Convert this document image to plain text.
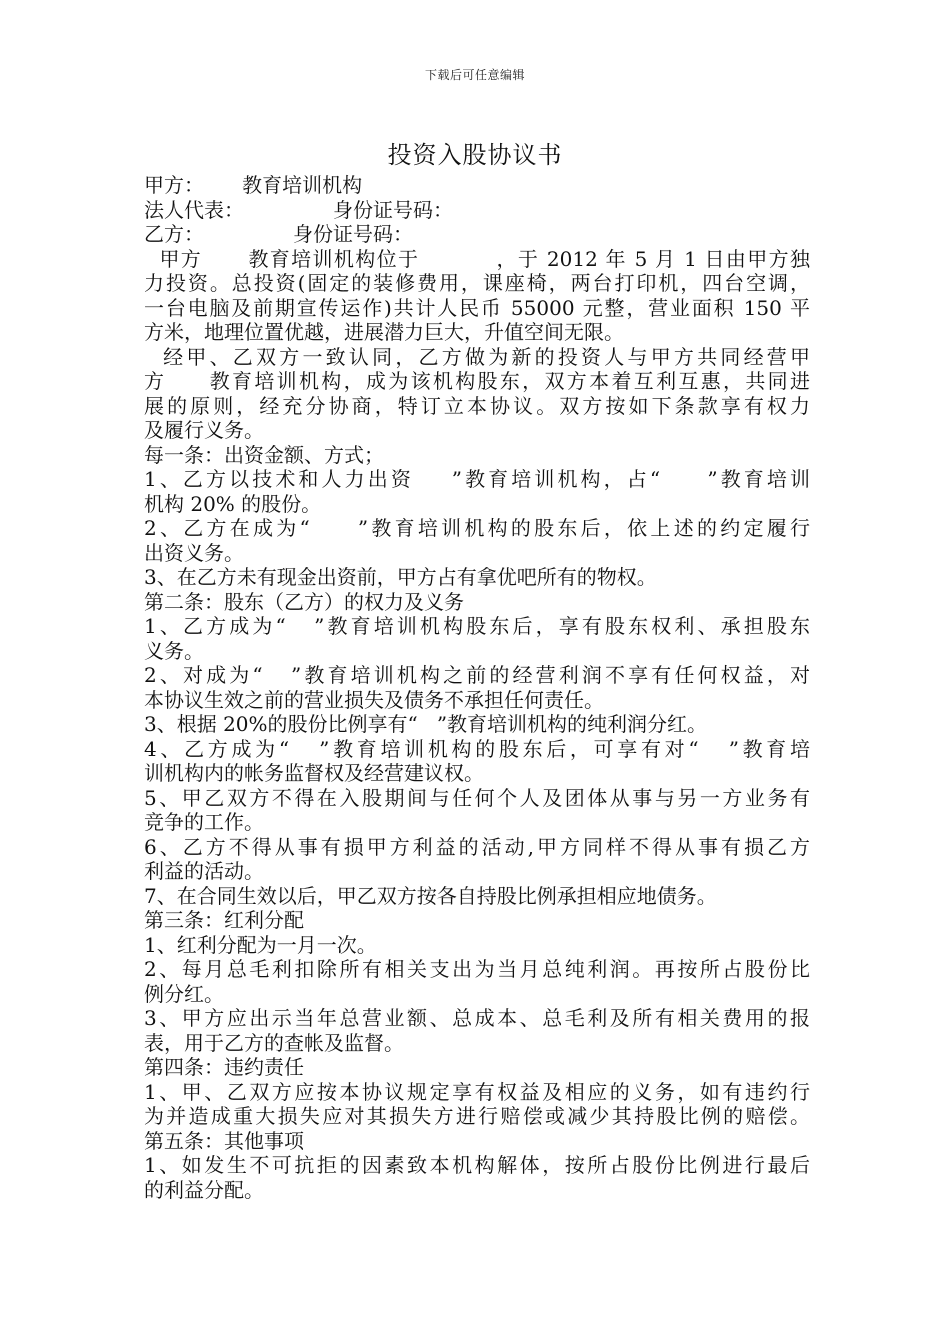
下载后可任意编辑
投资入股协议书
甲方：      教育培训机构
法人代表：              身份证号码：
乙方：              身份证号码：
甲方      教育培训机构位于          ，于 2012 年 5 月 1 日由甲方独
力投资。总投资(固定的装修费用，课座椅，两台打印机，四台空调，
一台电脑及前期宣传运作)共计人民币 55000 元整，营业面积 150 平
方米，地理位置优越，进展潜力巨大，升值空间无限。
经甲、乙双方一致认同，乙方做为新的投资人与甲方共同经营甲
方     教育培训机构，成为该机构股东，双方本着互利互惠，共同进
展的原则，经充分协商，特订立本协议。双方按如下条款享有权力
及履行义务。
每一条：出资金额、方式；
1、乙方以技术和人力出资    ”教育培训机构，占“     ”教育培训
机构 20% 的股份。
2、乙方在成为“     ”教育培训机构的股东后，依上述的约定履行
出资义务。
3、在乙方未有现金出资前，甲方占有拿优吧所有的物权。
第二条：股东（乙方）的权力及义务
1、乙方成为“   ”教育培训机构股东后，享有股东权利、承担股东
义务。
2、对成为“   ”教育培训机构之前的经营利润不享有任何权益，对
本协议生效之前的营业损失及债务不承担任何责任。
3、根据 20%的股份比例享有“   ”教育培训机构的纯利润分红。
4、乙方成为“   ”教育培训机构的股东后，可享有对“   ”教育培
训机构内的帐务监督权及经营建议权。
5、甲乙双方不得在入股期间与任何个人及团体从事与另一方业务有
竞争的工作。
6、乙方不得从事有损甲方利益的活动,甲方同样不得从事有损乙方
利益的活动。
7、在合同生效以后，甲乙双方按各自持股比例承担相应地债务。
第三条：红利分配
1、红利分配为一月一次。
2、每月总毛利扣除所有相关支出为当月总纯利润。再按所占股份比
例分红。
3、甲方应出示当年总营业额、总成本、总毛利及所有相关费用的报
表，用于乙方的查帐及监督。
第四条：违约责任
1、甲、乙双方应按本协议规定享有权益及相应的义务，如有违约行
为并造成重大损失应对其损失方进行赔偿或减少其持股比例的赔偿。
第五条：其他事项
1、如发生不可抗拒的因素致本机构解体，按所占股份比例进行最后
的利益分配。
